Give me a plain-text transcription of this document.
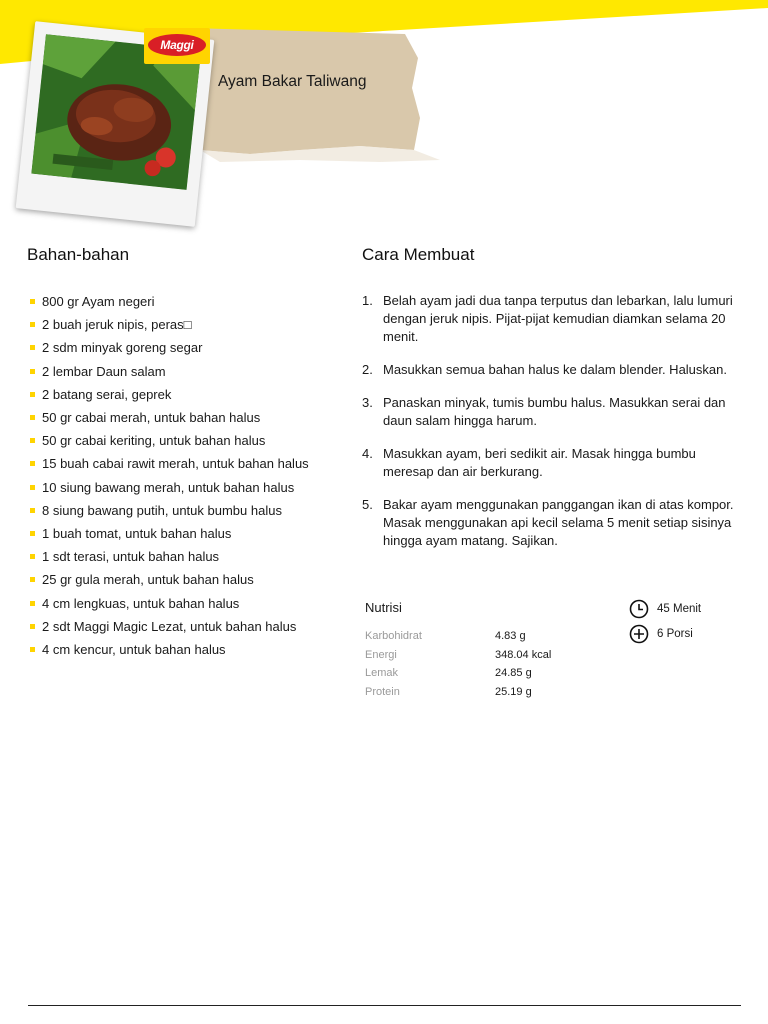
Maggi
Ayam Bakar Taliwang
Bahan-bahan	Cara Membuat
800 gr Ayam negeri
2 buah jeruk nipis, peras□
2 sdm minyak goreng segar
2 lembar Daun salam
2 batang serai, geprek
50 gr cabai merah, untuk bahan halus
50 gr cabai keriting, untuk bahan halus
15 buah cabai rawit merah, untuk bahan halus
10 siung bawang merah, untuk bahan halus
8 siung bawang putih, untuk bumbu halus
1 buah tomat, untuk bahan halus
1 sdt terasi, untuk bahan halus
25 gr gula merah, untuk bahan halus
4 cm lengkuas, untuk bahan halus
2 sdt Maggi Magic Lezat, untuk bahan halus
4 cm kencur, untuk bahan halus
1. Belah ayam jadi dua tanpa terputus dan lebarkan, lalu lumuri dengan jeruk nipis. Pijat-pijat kemudian diamkan selama 20 menit.
2. Masukkan semua bahan halus ke dalam blender. Haluskan.
3. Panaskan minyak, tumis bumbu halus. Masukkan serai dan daun salam hingga harum.
4. Masukkan ayam, beri sedikit air. Masak hingga bumbu meresap dan air berkurang.
5. Bakar ayam menggunakan panggangan ikan di atas kompor. Masak menggunakan api kecil selama 5 menit setiap sisinya hingga ayam matang. Sajikan.
Nutrisi
Karbohidrat	4.83 g
Energi	348.04 kcal
Lemak	24.85 g
Protein	25.19 g
45 Menit
6 Porsi
